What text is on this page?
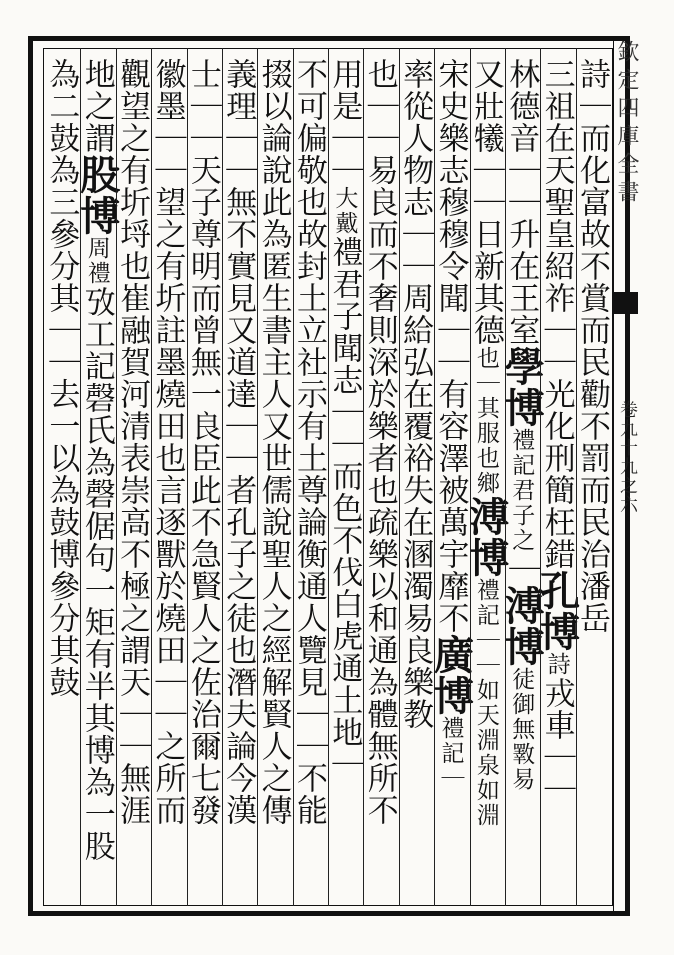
欽定四庫全書
卷九十九之六
詩｜而化富故不賞而民勸不罰而民治潘岳
三祖在天聖皇紹祚｜｜光化刑簡枉錯孔博詩戎車｜｜
林德音｜｜升在王室學博禮記君子之｜溥博徒御無斁易
又壯犧｜｜日新其德也｜其服也鄉溥博禮記｜｜如天淵泉如淵
宋史樂志穆穆令聞｜｜有容澤被萬宇靡不廣博禮記｜
率從人物志｜｜周給弘在覆裕失在溷濁易良樂教
也｜｜易良而不奢則深於樂者也疏樂以和通為體無所不
用是｜｜大戴禮君子聞志｜｜而色不伐白虎通土地｜
不可偏敬也故封土立社示有土尊論衡通人覽見｜｜不能
掇以論說此為匿生書主人又世儒說聖人之經解賢人之傳
義理｜｜無不實見又道達｜｜者孔子之徒也潛夫論今漢
士｜｜天子尊明而曾無一良臣此不急賢人之佐治爾七發
徽墨｜｜望之有圻註墨燒田也言逐獸於燒田｜｜之所而
觀望之有圻埒也崔融賀河清表崇高不極之謂天｜｜無涯
地之謂股博周禮攷工記磬氏為磬倨句一矩有半其博為一股
為二鼓為三參分其｜｜去一以為鼓博參分其鼓
